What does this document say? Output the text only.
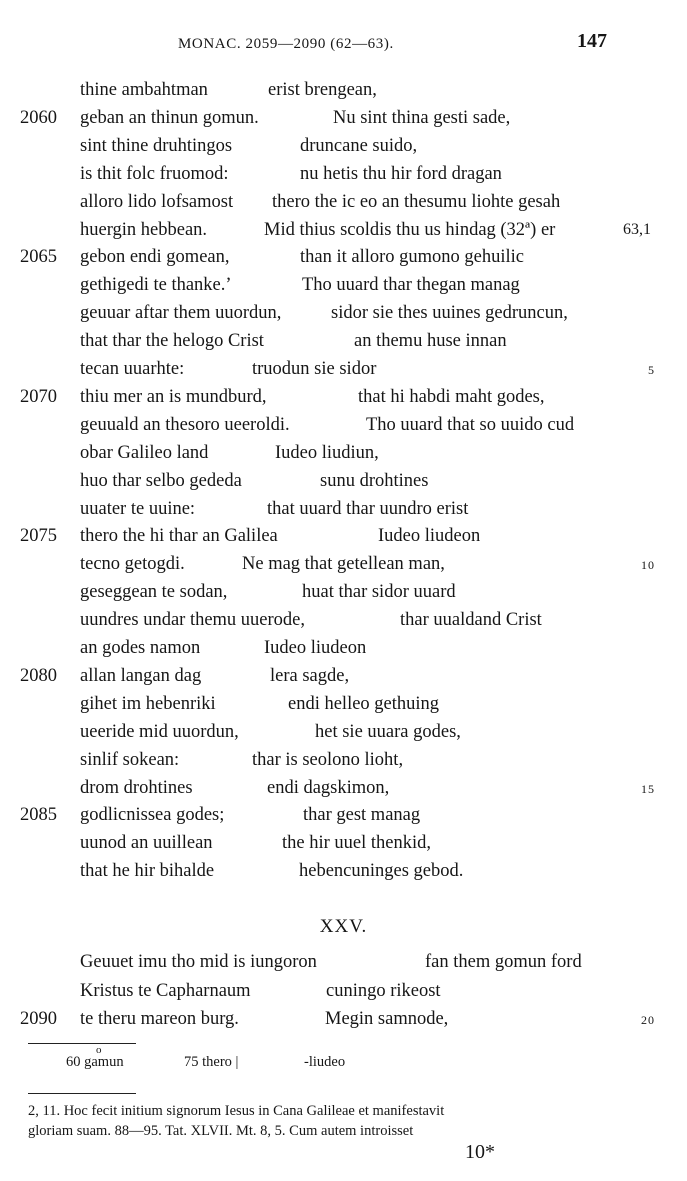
MONAC. 2059—2090 (62—63).	147
thine ambahtman	erist brengean,
2060 geban an thinun gomun.	Nu sint thina gesti sade,
sint thine druhtingos	druncane suido,
is thit folc fruomod:	nu hetis thu hir ford dragan
alloro lido lofsamost thero the ic eo an thesumu liohte gesah
huergin hebbean.	Mid thius scoldis thu us hindag (32ª) er	63,1
2065 gebon endi gomean,	than it alloro gumono gehuilic
gethigedi te thanke.’	Tho uuard thar thegan manag
geuuar aftar them uuordun,	sidor sie thes uuines gedruncun,
that thar the helogo Crist	an themu huse innan
tecan uuarhte:	truodun sie sidor	5
2070 thiu mer an is mundburd,	that hi habdi maht godes,
geuuald an thesoro ueeroldi.	Tho uuard that so uuido cud
obar Galileo land	Iudeo liudiun,
huo thar selbo gededa	sunu drohtines
uuater te uuine:	that uuard thar uundro erist
2075 thero the hi thar an Galilea	Iudeo liudeon
tecno getogdi.	Ne mag that getellean man,	10
geseggean te sodan,	huat thar sidor uuard
uundres undar themu uuerode,	thar uualdand Crist
an godes namon	Iudeo liudeon
2080 allan langan dag	lera sagde,
gihet im hebenriki	endi helleo gethuing
ueeride mid uuordun,	het sie uuara godes,
sinlif sokean:	thar is seolono lioht,
drom drohtines	endi dagskimon,	15
2085 godlicnissea godes;	thar gest manag
uunod an uuillean	the hir uuel thenkid,
that he hir bihalde	hebencuninges gebod.
XXV.
Geuuet imu tho mid is iungoron	fan them gomun ford
Kristus te Capharnaum	cuningo rikeost
2090 te theru mareon burg.	Megin samnode,	20
60 gamun
o
75 thero |	-liudeo
2, 11. Hoc fecit initium signorum Iesus in Cana Galileae et manifestavit
gloriam suam. 88—95. Tat. XLVII. Mt. 8, 5. Cum autem introisset
10*
